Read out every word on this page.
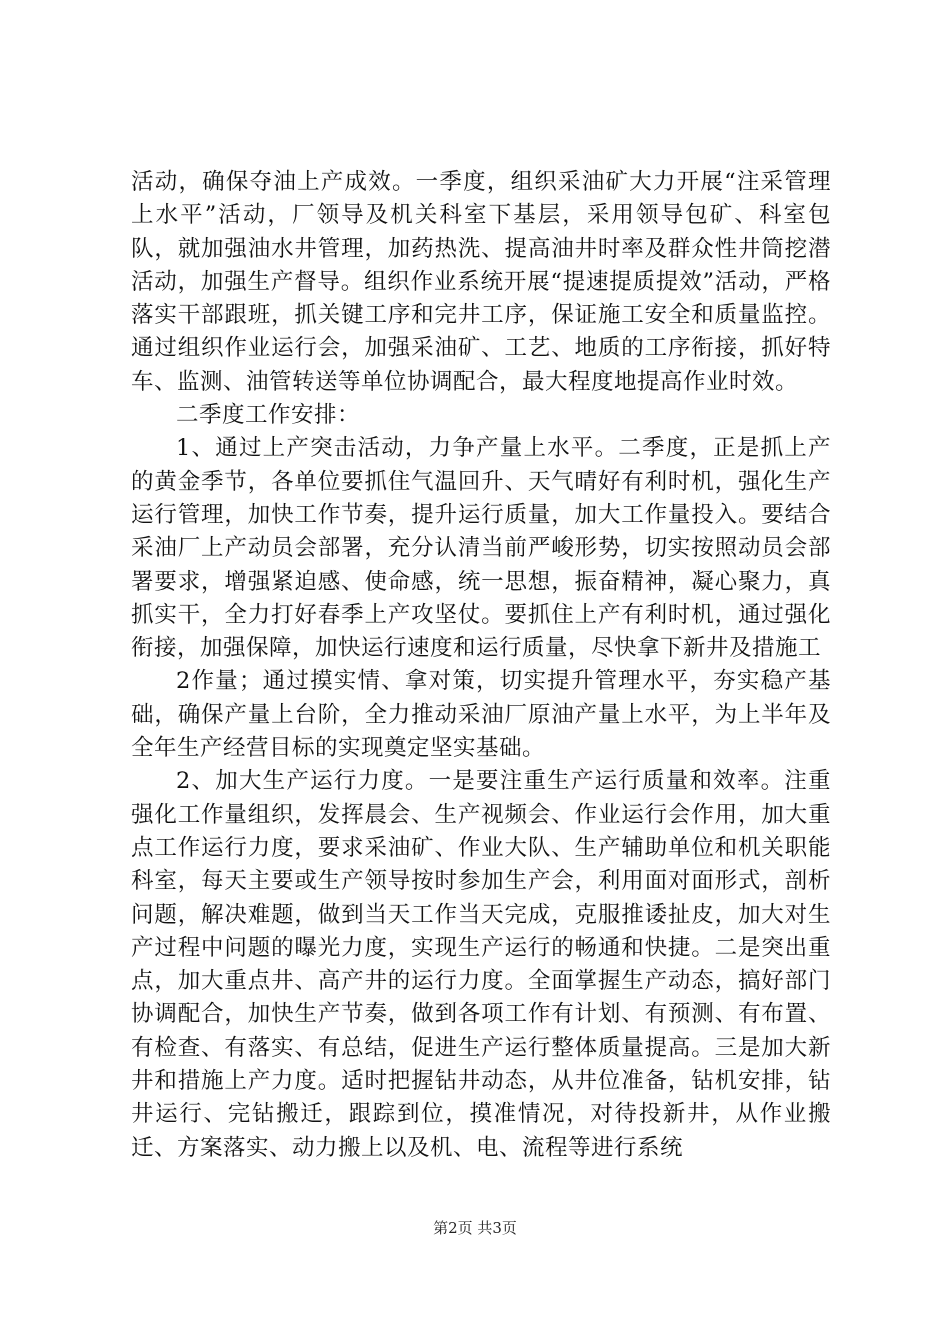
活动，确保夺油上产成效。一季度，组织采油矿大力开展“注采管理上水平”活动，厂领导及机关科室下基层，采用领导包矿、科室包队，就加强油水井管理，加药热洗、提高油井时率及群众性井筒挖潜活动，加强生产督导。组织作业系统开展“提速提质提效”活动，严格落实干部跟班，抓关键工序和完井工序，保证施工安全和质量监控。通过组织作业运行会，加强采油矿、工艺、地质的工序衔接，抓好特车、监测、油管转送等单位协调配合，最大程度地提高作业时效。

二季度工作安排：

1、通过上产突击活动，力争产量上水平。二季度，正是抓上产的黄金季节，各单位要抓住气温回升、天气晴好有利时机，强化生产运行管理，加快工作节奏，提升运行质量，加大工作量投入。要结合采油厂上产动员会部署，充分认清当前严峻形势，切实按照动员会部署要求，增强紧迫感、使命感，统一思想，振奋精神，凝心聚力，真抓实干，全力打好春季上产攻坚仗。要抓住上产有利时机，通过强化衔接，加强保障，加快运行速度和运行质量，尽快拿下新井及措施工

2作量；通过摸实情、拿对策，切实提升管理水平，夯实稳产基础，确保产量上台阶，全力推动采油厂原油产量上水平，为上半年及全年生产经营目标的实现奠定坚实基础。

2、加大生产运行力度。一是要注重生产运行质量和效率。注重强化工作量组织，发挥晨会、生产视频会、作业运行会作用，加大重点工作运行力度，要求采油矿、作业大队、生产辅助单位和机关职能科室，每天主要或生产领导按时参加生产会，利用面对面形式，剖析问题，解决难题，做到当天工作当天完成，克服推诿扯皮，加大对生产过程中问题的曝光力度，实现生产运行的畅通和快捷。二是突出重点，加大重点井、高产井的运行力度。全面掌握生产动态，搞好部门协调配合，加快生产节奏，做到各项工作有计划、有预测、有布置、有检查、有落实、有总结，促进生产运行整体质量提高。三是加大新井和措施上产力度。适时把握钻井动态，从井位准备，钻机安排，钻井运行、完钻搬迁，跟踪到位，摸准情况，对待投新井，从作业搬迁、方案落实、动力搬上以及机、电、流程等进行系统

第2页 共3页
